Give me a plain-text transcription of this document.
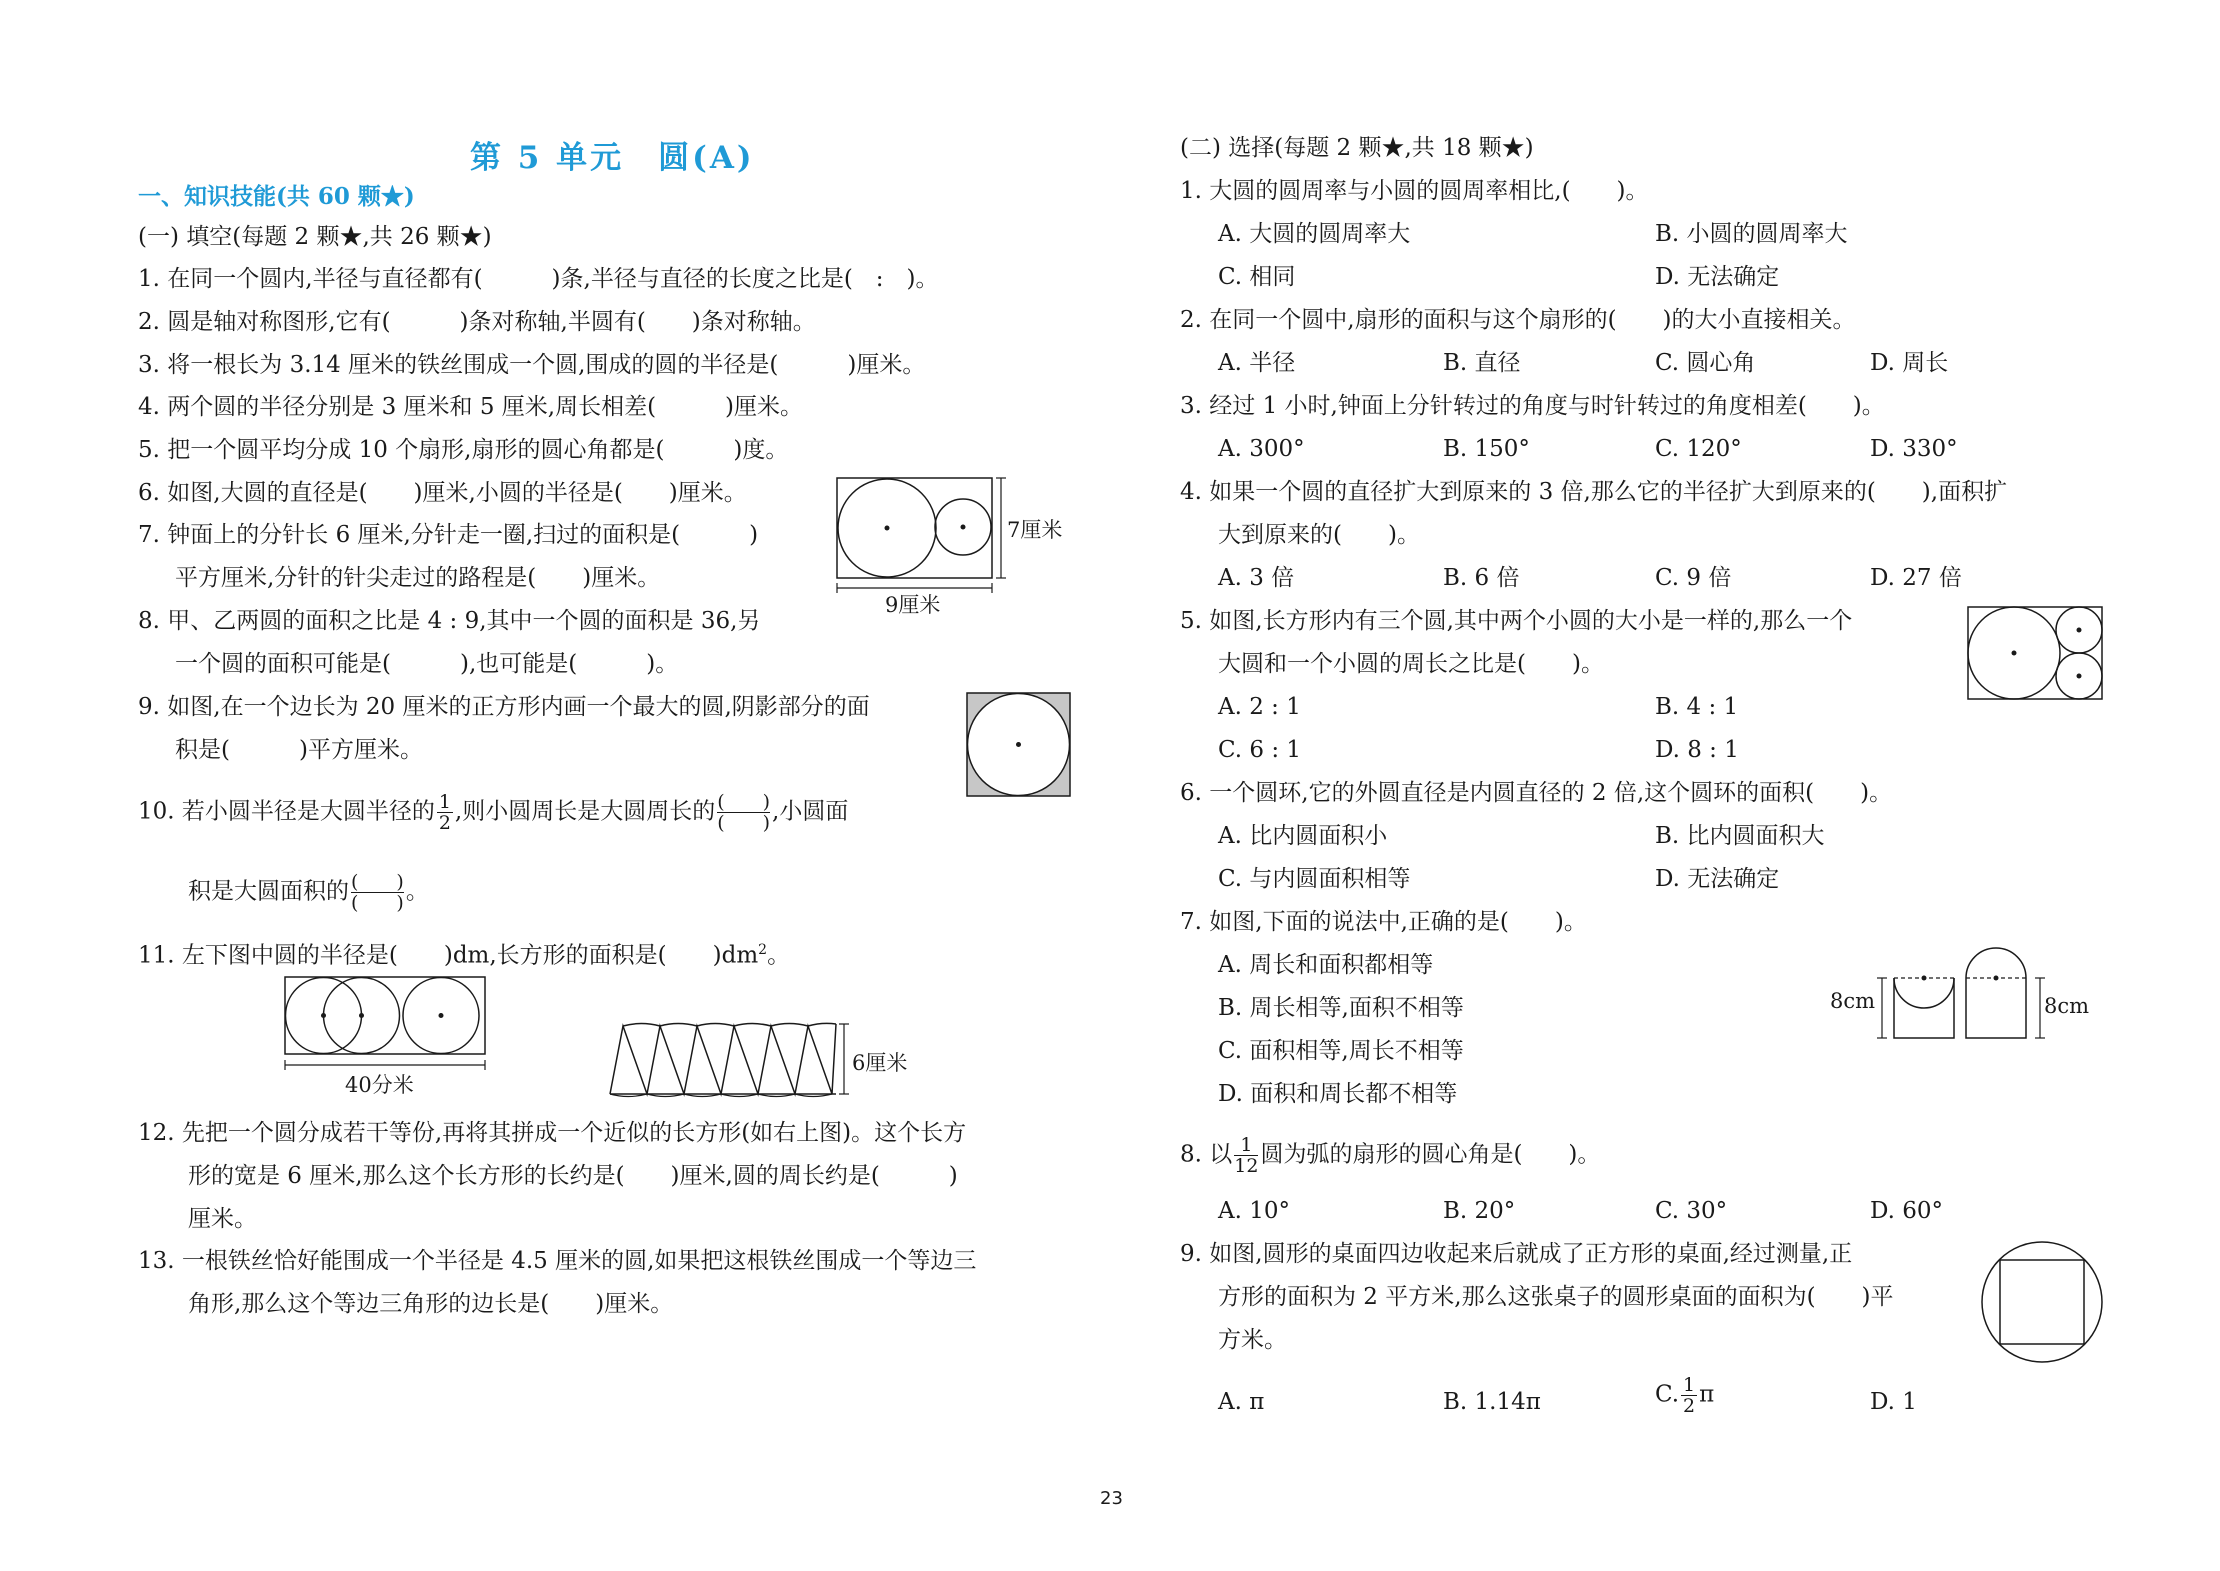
第 5 单元　圆(A)
一、知识技能(共 60 颗★)
(一) 填空(每题 2 颗★,共 26 颗★)
1. 在同一个圆内,半径与直径都有(　　　)条,半径与直径的长度之比是(　:　)。
2. 圆是轴对称图形,它有(　　　)条对称轴,半圆有(　　)条对称轴。
3. 将一根长为 3.14 厘米的铁丝围成一个圆,围成的圆的半径是(　　　)厘米。
4. 两个圆的半径分别是 3 厘米和 5 厘米,周长相差(　　　)厘米。
5. 把一个圆平均分成 10 个扇形,扇形的圆心角都是(　　　)度。
6. 如图,大圆的直径是(　　)厘米,小圆的半径是(　　)厘米。
7. 钟面上的分针长 6 厘米,分针走一圈,扫过的面积是(　　　)
平方厘米,分针的针尖走过的路程是(　　)厘米。
8. 甲、乙两圆的面积之比是 4 : 9,其中一个圆的面积是 36,另
一个圆的面积可能是(　　　),也可能是(　　　)。
9. 如图,在一个边长为 20 厘米的正方形内画一个最大的圆,阴影部分的面
积是(　　　)平方厘米。
10. 若小圆半径是大圆半径的 $\frac{1}{2}$ ,则小圆周长是大圆周长的 $\frac{( )}{( )}$ ,小圆面
积是大圆面积的 $\frac{( )}{( )}$ 。
11. 左下图中圆的半径是(　　)dm,长方形的面积是(　　)$dm^2$。
12. 先把一个圆分成若干等份,再将其拼成一个近似的长方形(如右上图)。这个长方
形的宽是 6 厘米,那么这个长方形的长约是(　　)厘米,圆的周长约是(　　　)
厘米。
13. 一根铁丝恰好能围成一个半径是 4.5 厘米的圆,如果把这根铁丝围成一个等边三
角形,那么这个等边三角形的边长是(　　)厘米。
7厘米
9厘米
40分米
6厘米
(二) 选择(每题 2 颗★,共 18 颗★)
1. 大圆的圆周率与小圆的圆周率相比,(　　)。
A. 大圆的圆周率大	B. 小圆的圆周率大
C. 相同	D. 无法确定
2. 在同一个圆中,扇形的面积与这个扇形的(　　)的大小直接相关。
A. 半径	B. 直径	C. 圆心角	D. 周长
3. 经过 1 小时,钟面上分针转过的角度与时针转过的角度相差(　　)。
A. 300°	B. 150°	C. 120°	D. 330°
4. 如果一个圆的直径扩大到原来的 3 倍,那么它的半径扩大到原来的(　　),面积扩
大到原来的(　　)。
A. 3 倍	B. 6 倍	C. 9 倍	D. 27 倍
5. 如图,长方形内有三个圆,其中两个小圆的大小是一样的,那么一个
大圆和一个小圆的周长之比是(　　)。
A. 2 : 1	B. 4 : 1
C. 6 : 1	D. 8 : 1
6. 一个圆环,它的外圆直径是内圆直径的 2 倍,这个圆环的面积(　　)。
A. 比内圆面积小	B. 比内圆面积大
C. 与内圆面积相等	D. 无法确定
7. 如图,下面的说法中,正确的是(　　)。
A. 周长和面积都相等
B. 周长相等,面积不相等
C. 面积相等,周长不相等
D. 面积和周长都不相等
8. 以 $\frac{1}{12}$ 圆为弧的扇形的圆心角是(　　)。
A. 10°	B. 20°	C. 30°	D. 60°
9. 如图,圆形的桌面四边收起来后就成了正方形的桌面,经过测量,正
方形的面积为 2 平方米,那么这张桌子的圆形桌面的面积为(　　)平
方米。
A. π	B. 1.14π	C. $\frac{1}{2}$ π	D. 1
8cm	8cm
23
